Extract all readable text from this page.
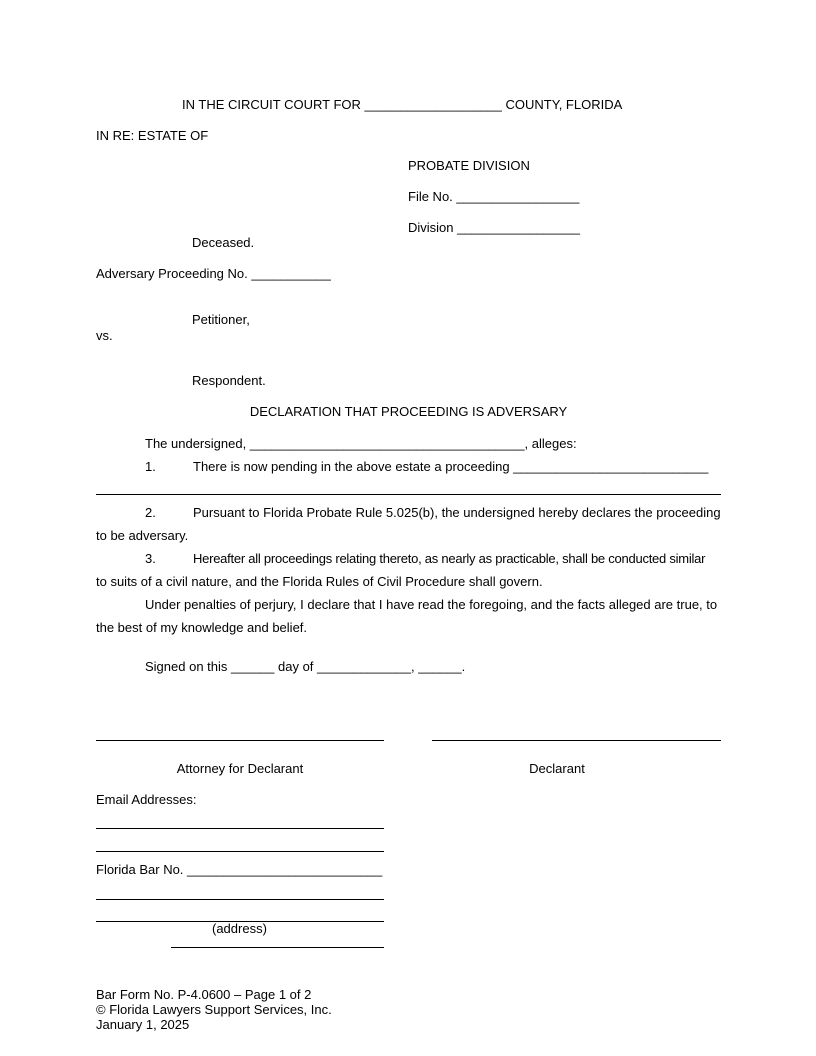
IN THE CIRCUIT COURT FOR ___________________ COUNTY, FLORIDA
IN RE: ESTATE OF
PROBATE DIVISION
File No. _________________
Division _________________
Deceased.
Adversary Proceeding No. ___________
Petitioner,
vs.
Respondent.
DECLARATION THAT PROCEEDING IS ADVERSARY
The undersigned, ______________________________________, alleges:
1.	There is now pending in the above estate a proceeding ___________________________
2.	Pursuant to Florida Probate Rule 5.025(b), the undersigned hereby declares the proceeding
to be adversary.
3.	Hereafter all proceedings relating thereto, as nearly as practicable, shall be conducted similar
to suits of a civil nature, and the Florida Rules of Civil Procedure shall govern.
Under penalties of perjury, I declare that I have read the foregoing, and the facts alleged are true, to
the best of my knowledge and belief.
Signed on this ______ day of _____________, ______.
Attorney for Declarant	Declarant
Email Addresses:
Florida Bar No. ___________________________
(address)
Bar Form No. P-4.0600 – Page 1 of 2
© Florida Lawyers Support Services, Inc.
January 1, 2025
